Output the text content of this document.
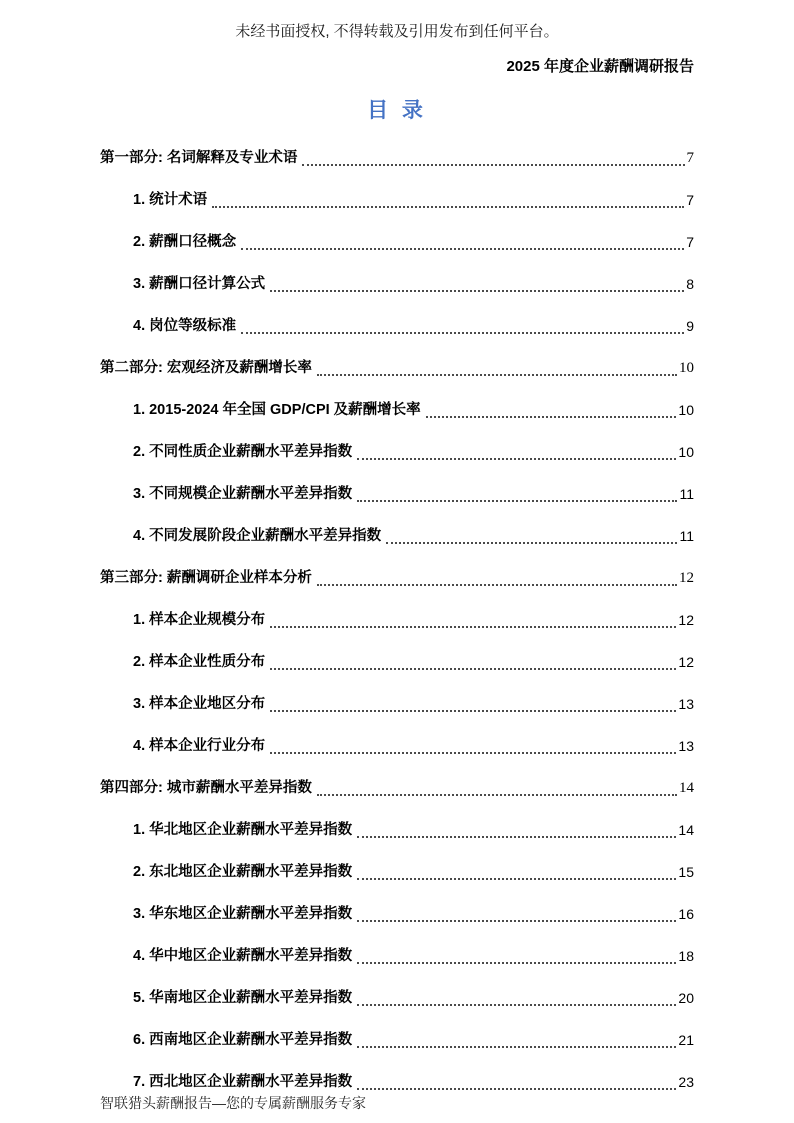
未经书面授权, 不得转载及引用发布到任何平台。
2025 年度企业薪酬调研报告
目 录
第一部分: 名词解释及专业术语	7
1. 统计术语	7
2. 薪酬口径概念	7
3. 薪酬口径计算公式	8
4. 岗位等级标准	9
第二部分: 宏观经济及薪酬增长率	10
1. 2015-2024 年全国 GDP/CPI 及薪酬增长率	10
2. 不同性质企业薪酬水平差异指数	10
3. 不同规模企业薪酬水平差异指数	11
4. 不同发展阶段企业薪酬水平差异指数	11
第三部分: 薪酬调研企业样本分析	12
1. 样本企业规模分布	12
2. 样本企业性质分布	12
3. 样本企业地区分布	13
4. 样本企业行业分布	13
第四部分: 城市薪酬水平差异指数	14
1. 华北地区企业薪酬水平差异指数	14
2. 东北地区企业薪酬水平差异指数	15
3. 华东地区企业薪酬水平差异指数	16
4. 华中地区企业薪酬水平差异指数	18
5. 华南地区企业薪酬水平差异指数	20
6. 西南地区企业薪酬水平差异指数	21
7. 西北地区企业薪酬水平差异指数	23
智联猎头薪酬报告—您的专属薪酬服务专家
